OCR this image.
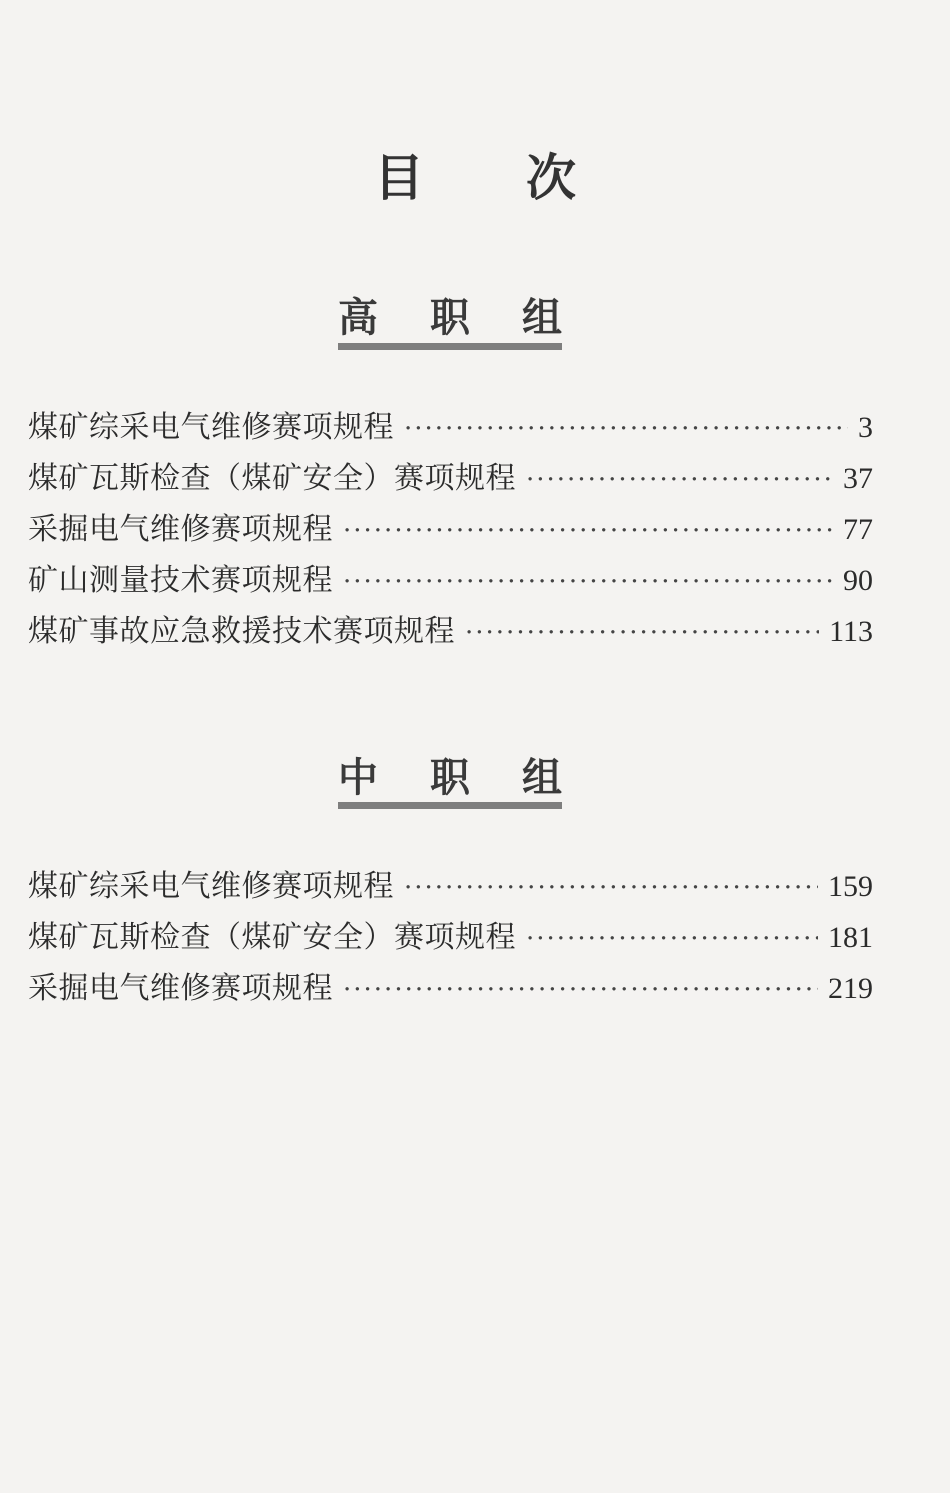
目 次
高 职 组
煤矿综采电气维修赛项规程 ·····	3
煤矿瓦斯检查（煤矿安全）赛项规程 ·····	37
采掘电气维修赛项规程 ·····	77
矿山测量技术赛项规程 ·····	90
煤矿事故应急救援技术赛项规程 ·····	113
中 职 组
煤矿综采电气维修赛项规程 ·····	159
煤矿瓦斯检查（煤矿安全）赛项规程 ·····	181
采掘电气维修赛项规程 ·····	219
